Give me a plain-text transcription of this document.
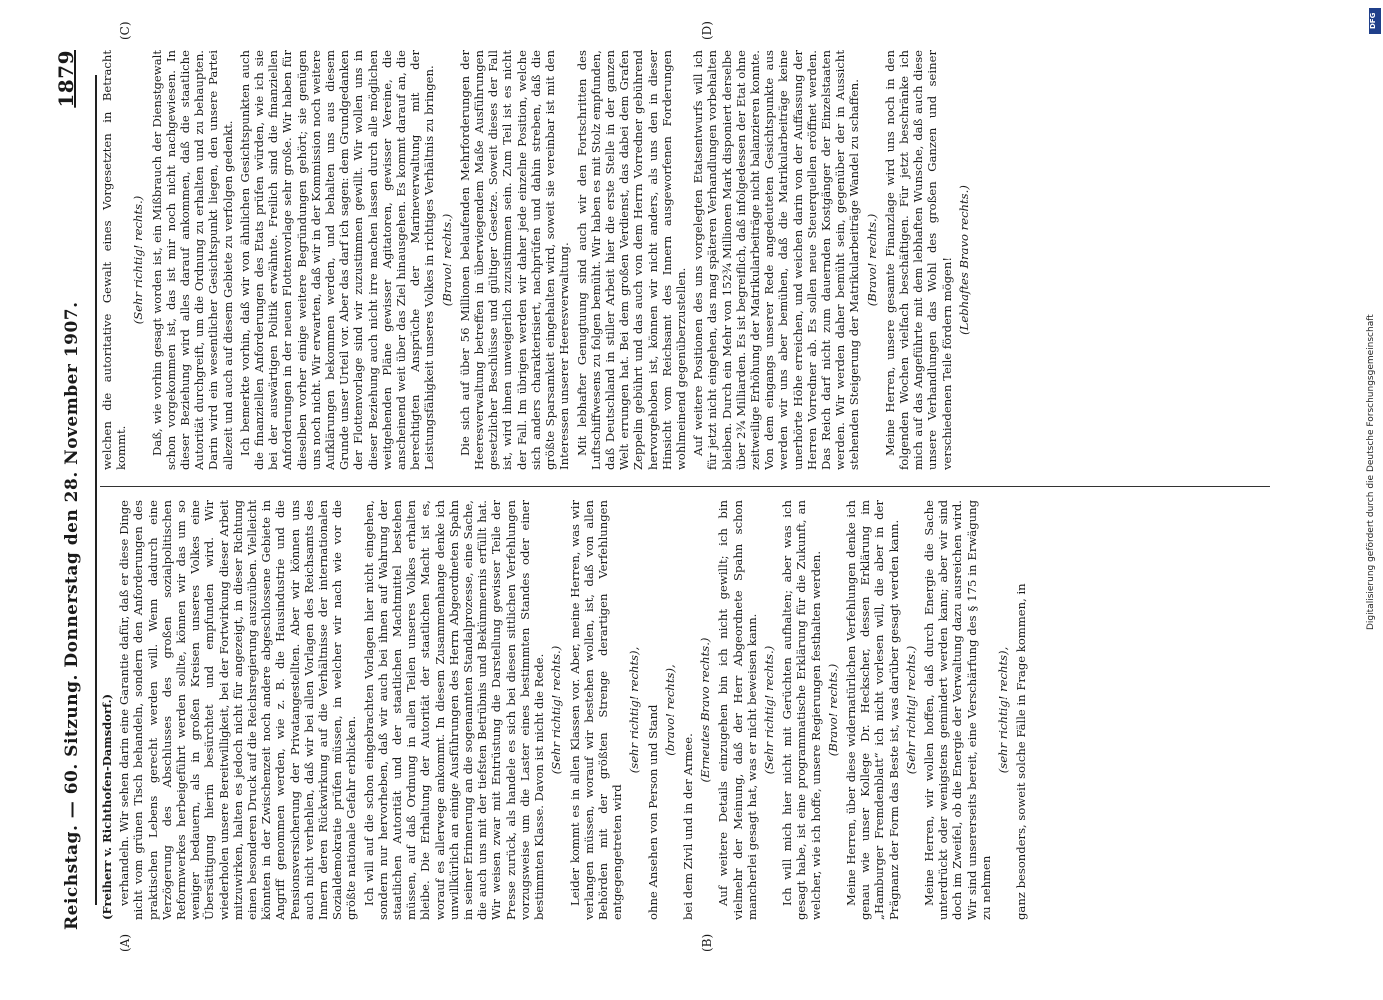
Reichstag. — 60. Sitzung. Donnerstag den 28. November 1907.
1879
(A)	(B)
(C)	(D)

(Freiherr v. Richthofen-Damsdorf.) verhandeln. Wir sehen darin eine Garantie dafür, daß er diese Dinge nicht vom grünen Tisch behandeln, sondern den Anforderungen des praktischen Lebens gerecht werden will. Wenn dadurch eine Verzögerung des Abschlusses des großen sozialpolitischen Reformwerkes herbeigeführt werden sollte, können wir das um so weniger bedauern, als in großen Kreisen unseres Volkes eine Übersättigung hierin besürchtet und empfunden wird. Wir wiederholen unsere Bereitwilligkeit, bei der Fortwirkung dieser Arbeit mitzuwirken, halten es jedoch nicht für angezeigt, in dieser Richtung einen besonderen Druck auf die Reichsregierung auszuüben. Vielleicht könnten in der Zwischenzeit noch andere abgeschlossene Gebiete in Angriff genommen werden, wie z. B. die Hausindustrie und die Pensionsversicherung der Privatangestellten. Aber wir können uns auch nicht verhehlen, daß wir bei allen Vorlagen des Reichsamts des Innern deren Rückwirkung auf die Verhältnisse der internationalen Sozialdemokratie prüfen müssen, in welcher wir nach wie vor die größte nationale Gefahr erblicken. Ich will auf die schon eingebrachten Vorlagen hier nicht eingehen, sondern nur hervorheben, daß wir auch bei ihnen auf Wahrung der staatlichen Autorität und der staatlichen Machtmittel bestehen müssen, auf daß Ordnung in allen Teilen unseres Volkes erhalten bleibe. Die Erhaltung der Autorität der staatlichen Macht ist es, worauf es allerwege ankommt. In diesem Zusammenhange denke ich unwillkürlich an einige Ausführungen des Herrn Abgeordneten Spahn in seiner Erinnerung an die sogenannten Standalprozesse, eine Sache, die auch uns mit der tiefsten Betrübnis und Bekümmernis erfüllt hat. Wir weisen zwar mit Entrüstung die Darstellung gewisser Teile der Presse zurück, als handele es sich bei diesen sittlichen Verfehlungen vorzugsweise um die Laster eines bestimmten Standes oder einer bestimmten Klasse. Davon ist nicht die Rede. (Sehr richtig! rechts.) Leider kommt es in allen Klassen vor. Aber, meine Herren, was wir verlangen müssen, worauf wir bestehen wollen, ist, daß von allen Behörden mit der größten Strenge derartigen Verfehlungen entgegengetreten wird

(sehr richtig! rechts), ohne Ansehen von Person und Stand (bravo! rechts),

bei dem Zivil und in der Armee.

(Erneutes Bravo rechts.) Auf weitere Details einzugehen bin ich nicht gewillt; ich bin vielmehr der Meinung, daß der Herr Abgeordnete Spahn schon mancherlei gesagt hat, was er nicht beweisen kann. (Sehr richtig! rechts.) Ich will mich hier nicht mit Gerüchten aufhalten; aber was ich gesagt habe, ist eine programmatische Erklärung für die Zukunft, an welcher, wie ich hoffe, unsere Regierungen festhalten werden. (Bravo! rechts.) Meine Herren, über diese widernatürlichen Verfehlungen denke ich genau wie unser Kollege Dr. Heckscher, dessen Erklärung im „Hamburger Fremdenblatt“ ich nicht vorlesen will, die aber in der Prägnanz der Form das Beste ist, was darüber gesagt werden kann. (Sehr richtig! rechts.) Meine Herren, wir wollen hoffen, daß durch Energie die Sache unterdrückt oder wenigstens gemindert werden kann; aber wir sind doch im Zweifel, ob die Energie der Verwaltung dazu ausreichen wird. Wir sind unsererseits bereit, eine Verschärfung des § 175 in Erwägung zu nehmen

(sehr richtig! rechts), ganz besonders, soweit solche Fälle in Frage kommen, in

welchen die autoritative Gewalt eines Vorgesetzten in Betracht kommt.

(Sehr richtig! rechts.) Daß, wie vorhin gesagt worden ist, ein Mißbrauch der Dienstgewalt schon vorgekommen ist, das ist mir noch nicht nachgewiesen. In dieser Beziehung wird alles darauf ankommen, daß die staatliche Autorität durchgreift, um die Ordnung zu erhalten und zu behaupten. Darin wird ein wesentlicher Gesichtspunkt liegen, den unsere Partei allezeit und auch auf diesem Gebiete zu verfolgen gedenkt. Ich bemerkte vorhin, daß wir von ähnlichen Gesichtspunkten auch die finanziellen Anforderungen des Etats prüfen würden, wie ich sie bei der auswärtigen Politik erwähnte. Freilich sind die finanziellen Anforderungen in der neuen Flottenvorlage sehr große. Wir haben für dieselben vorher einige weitere Begründungen gehört; sie genügen uns noch nicht. Wir erwarten, daß wir in der Kommission noch weitere Aufklärungen bekommen werden, und behalten uns aus diesem Grunde unser Urteil vor. Aber das darf ich sagen: dem Grundgedanken der Flottenvorlage sind wir zuzustimmen gewillt. Wir wollen uns in dieser Beziehung auch nicht irre machen lassen durch alle möglichen weitgehenden Pläne gewisser Agitatoren, gewisser Vereine, die anscheinend weit über das Ziel hinausgehen. Es kommt darauf an, die berechtigten Ansprüche der Marineverwaltung mit der Leistungsfähigkeit unseres Volkes in richtiges Verhältnis zu bringen. (Bravo! rechts.) Die sich auf über 56 Millionen belaufenden Mehrforderungen der Heeresverwaltung betreffen in überwiegendem Maße Ausführungen gesetzlicher Beschlüsse und gültiger Gesetze. Soweit dieses der Fall ist, wird ihnen unweigerlich zuzustimmen sein. Zum Teil ist es nicht der Fall. Im übrigen werden wir daher jede einzelne Position, welche sich anders charakterisiert, nachprüfen und dahin streben, daß die größte Sparsamkeit eingehalten wird, soweit sie vereinbar ist mit den Interessen unserer Heeresverwaltung. Mit lebhafter Genugtuung sind auch wir den Fortschritten des Luftschiffwesens zu folgen bemüht. Wir haben es mit Stolz empfunden, daß Deutschland in stiller Arbeit hier die erste Stelle in der ganzen Welt errungen hat. Bei dem großen Verdienst, das dabei dem Grafen Zeppelin gebührt und das auch von dem Herrn Vorredner gebührend hervorgehoben ist, können wir nicht anders, als uns den in dieser Hinsicht vom Reichsamt des Innern ausgeworfenen Forderungen wohlmeinend gegenüberzustellen. Auf weitere Positionen des uns vorgelegten Etatsentwurfs will ich für jetzt nicht eingehen, das mag späteren Verhandlungen vorbehalten bleiben. Durch ein Mehr von 152¾ Millionen Mark disponiert derselbe über 2¾ Milliarden. Es ist begreiflich, daß infolgedessen der Etat ohne zeitweilige Erhöhung der Matrikularbeiträge nicht balanzieren konnte. Von dem eingangs unserer Rede angedeuteten Gesichtspunkte aus werden wir uns aber bemühen, daß die Matrikularbeiträge keine unerhörte Höhe erreichen, und weichen darin von der Auffassung der Herren Vorredner ab. Es sollen neue Steuerquellen eröffnet werden. Das Reich darf nicht zum dauernden Kostgänger der Einzelstaaten werden. Wir werden daher bemüht sein, gegenüber der in Aussicht stehenden Steigerung der Matrikularbeiträge Wandel zu schaffen. (Bravo! rechts.) Meine Herren, unsere gesamte Finanzlage wird uns noch in den folgenden Wochen vielfach beschäftigen. Für jetzt beschränke ich mich auf das Angeführte mit dem lebhaften Wunsche, daß auch diese unsere Verhandlungen das Wohl des großen Ganzen und seiner verschiedenen Teile fördern mögen! (Lebhaftes Bravo rechts.)

DFG
Digitalisierung gefördert durch die Deutsche Forschungsgemeinschaft
